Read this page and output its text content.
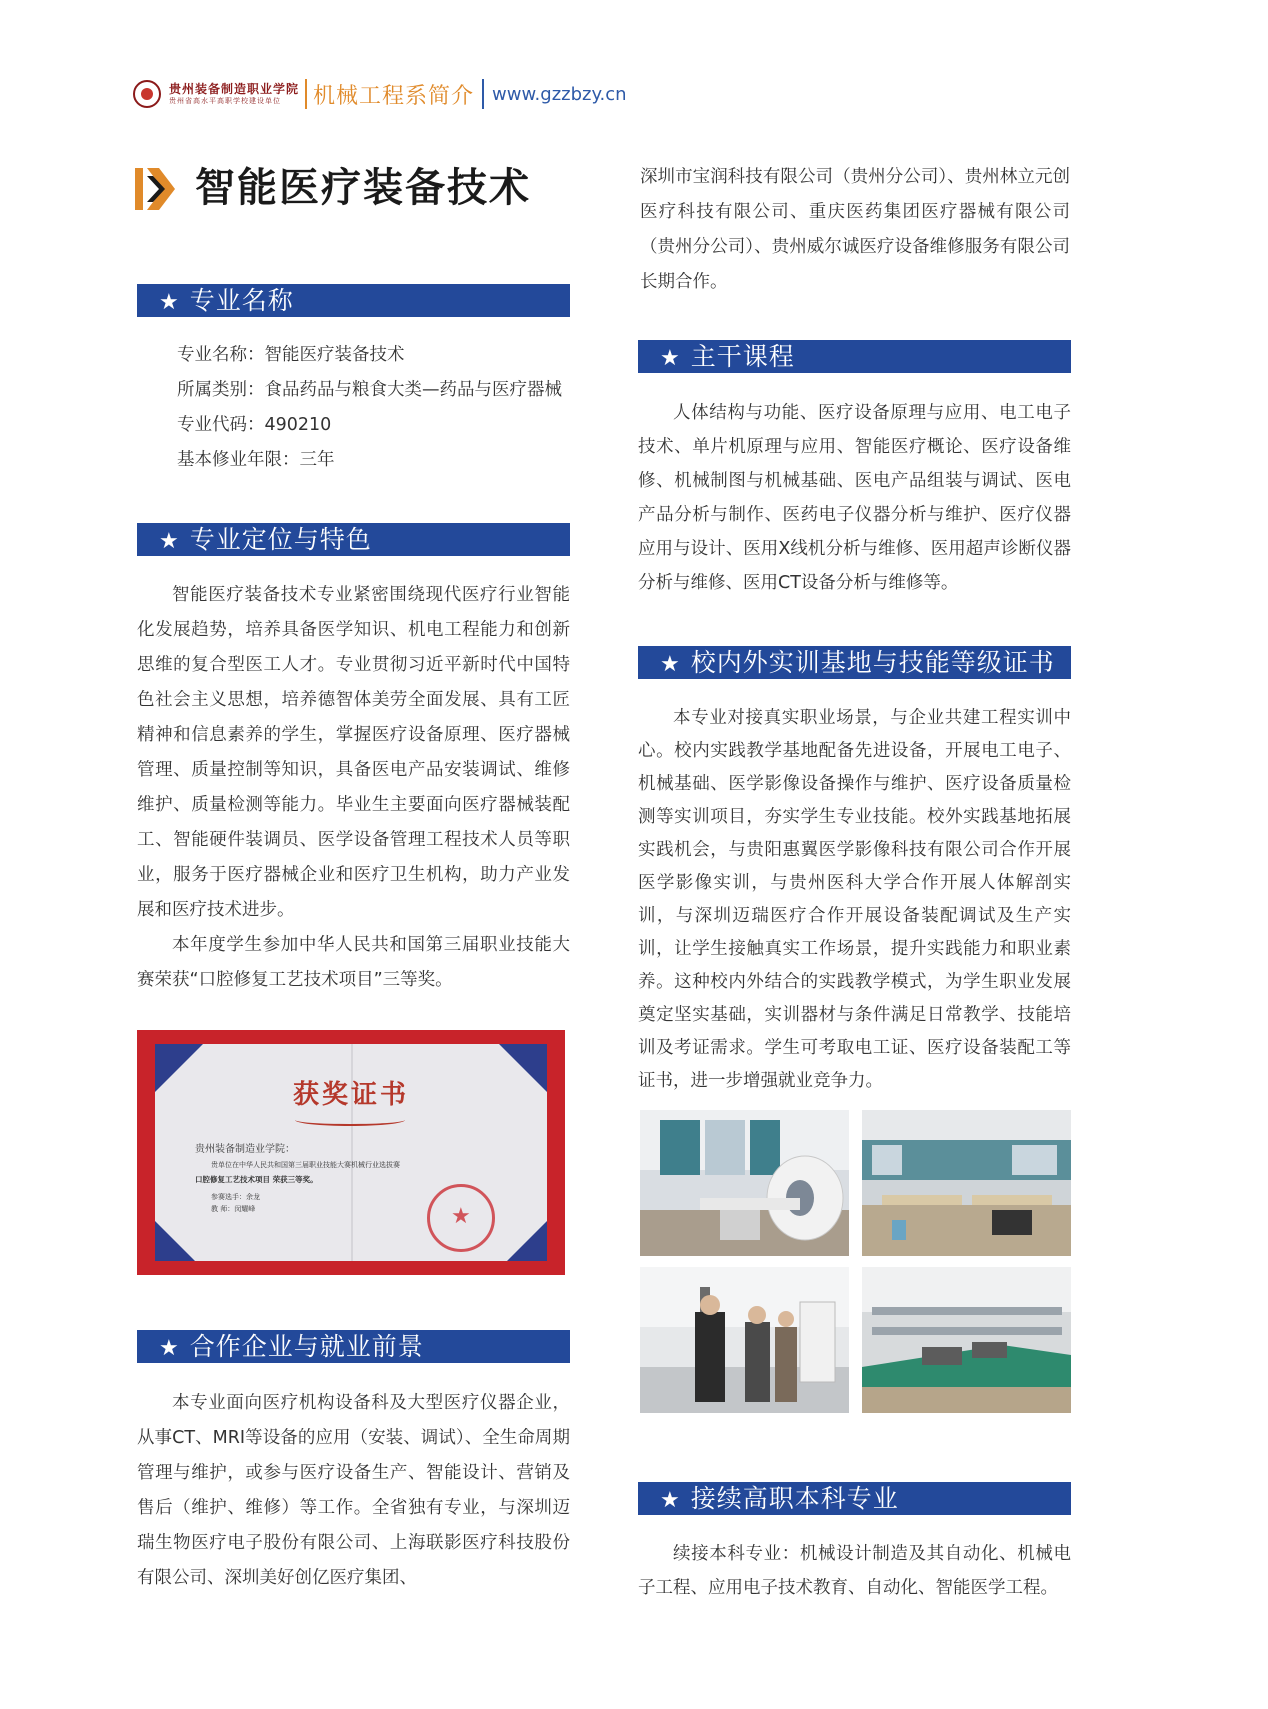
贵州装备制造职业学院
贵州省高水平高职学校建设单位	机械工程系简介 www.gzzbzy.cn
智能医疗装备技术
★ 专业名称
专业名称：智能医疗装备技术
所属类别：食品药品与粮食大类—药品与医疗器械
专业代码：490210
基本修业年限：三年
★ 专业定位与特色

智能医疗装备技术专业紧密围绕现代医疗行业智能化发展趋势，培养具备医学知识、机电工程能力和创新思维的复合型医工人才。专业贯彻习近平新时代中国特色社会主义思想，培养德智体美劳全面发展、具有工匠精神和信息素养的学生，掌握医疗设备原理、医疗器械管理、质量控制等知识，具备医电产品安装调试、维修维护、质量检测等能力。毕业生主要面向医疗器械装配工、智能硬件装调员、医学设备管理工程技术人员等职业，服务于医疗器械企业和医疗卫生机构，助力产业发展和医疗技术进步。

本年度学生参加中华人民共和国第三届职业技能大赛荣获“口腔修复工艺技术项目”三等奖。

获奖证书
贵州装备制造业学院：
贵单位在中华人民共和国第三届职业技能大赛机械行业选拔赛
口腔修复工艺技术项目 荣获三等奖。
参赛选手：余龙
教 师：闵耀峰
★
★ 合作企业与就业前景

本专业面向医疗机构设备科及大型医疗仪器企业，从事CT、MRI等设备的应用（安装、调试）、全生命周期管理与维护，或参与医疗设备生产、智能设计、营销及售后（维护、维修）等工作。全省独有专业，与深圳迈瑞生物医疗电子股份有限公司、上海联影医疗科技股份有限公司、深圳美好创亿医疗集团、

深圳市宝润科技有限公司（贵州分公司）、贵州林立元创医疗科技有限公司、重庆医药集团医疗器械有限公司（贵州分公司）、贵州威尔诚医疗设备维修服务有限公司长期合作。

★ 主干课程

人体结构与功能、医疗设备原理与应用、电工电子技术、单片机原理与应用、智能医疗概论、医疗设备维修、机械制图与机械基础、医电产品组装与调试、医电产品分析与制作、医药电子仪器分析与维护、医疗仪器应用与设计、医用X线机分析与维修、医用超声诊断仪器分析与维修、医用CT设备分析与维修等。

★ 校内外实训基地与技能等级证书

本专业对接真实职业场景，与企业共建工程实训中心。校内实践教学基地配备先进设备，开展电工电子、机械基础、医学影像设备操作与维护、医疗设备质量检测等实训项目，夯实学生专业技能。校外实践基地拓展实践机会，与贵阳惠翼医学影像科技有限公司合作开展医学影像实训，与贵州医科大学合作开展人体解剖实训，与深圳迈瑞医疗合作开展设备装配调试及生产实训，让学生接触真实工作场景，提升实践能力和职业素养。这种校内外结合的实践教学模式，为学生职业发展奠定坚实基础，实训器材与条件满足日常教学、技能培训及考证需求。学生可考取电工证、医疗设备装配工等证书，进一步增强就业竞争力。

★ 接续高职本科专业

续接本科专业：机械设计制造及其自动化、机械电子工程、应用电子技术教育、自动化、智能医学工程。
